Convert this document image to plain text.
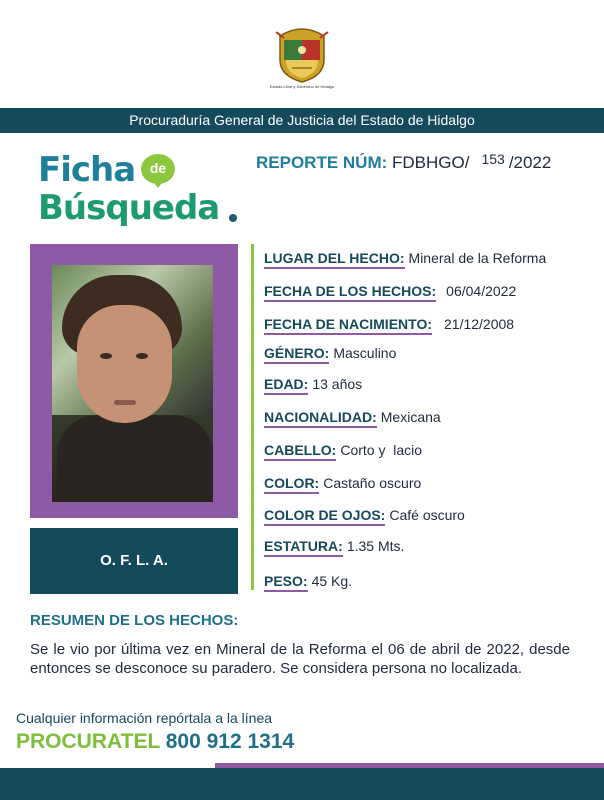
Estado Libre y Soberano de Hidalgo
Procuraduría General de Justicia del Estado de Hidalgo
Ficha	de
Búsqueda
REPORTE NÚM: FDBHGO/ $^{153}$ /2022
O. F. L. A.
LUGAR DEL HECHO: Mineral de la Reforma
FECHA DE LOS HECHOS: 06/04/2022
FECHA DE NACIMIENTO: 21/12/2008
GÉNERO: Masculino
EDAD: 13 años
NACIONALIDAD: Mexicana
CABELLO: Corto y  lacio
COLOR: Castaño oscuro
COLOR DE OJOS: Café oscuro
ESTATURA: 1.35 Mts.
PESO: 45 Kg.
RESUMEN DE LOS HECHOS:
Se le vio por última vez en Mineral de la Reforma el 06 de abril de 2022, desde entonces se desconoce su paradero. Se considera persona no localizada.
Cualquier información repórtala a la línea
PROCURATEL 800 912 1314
